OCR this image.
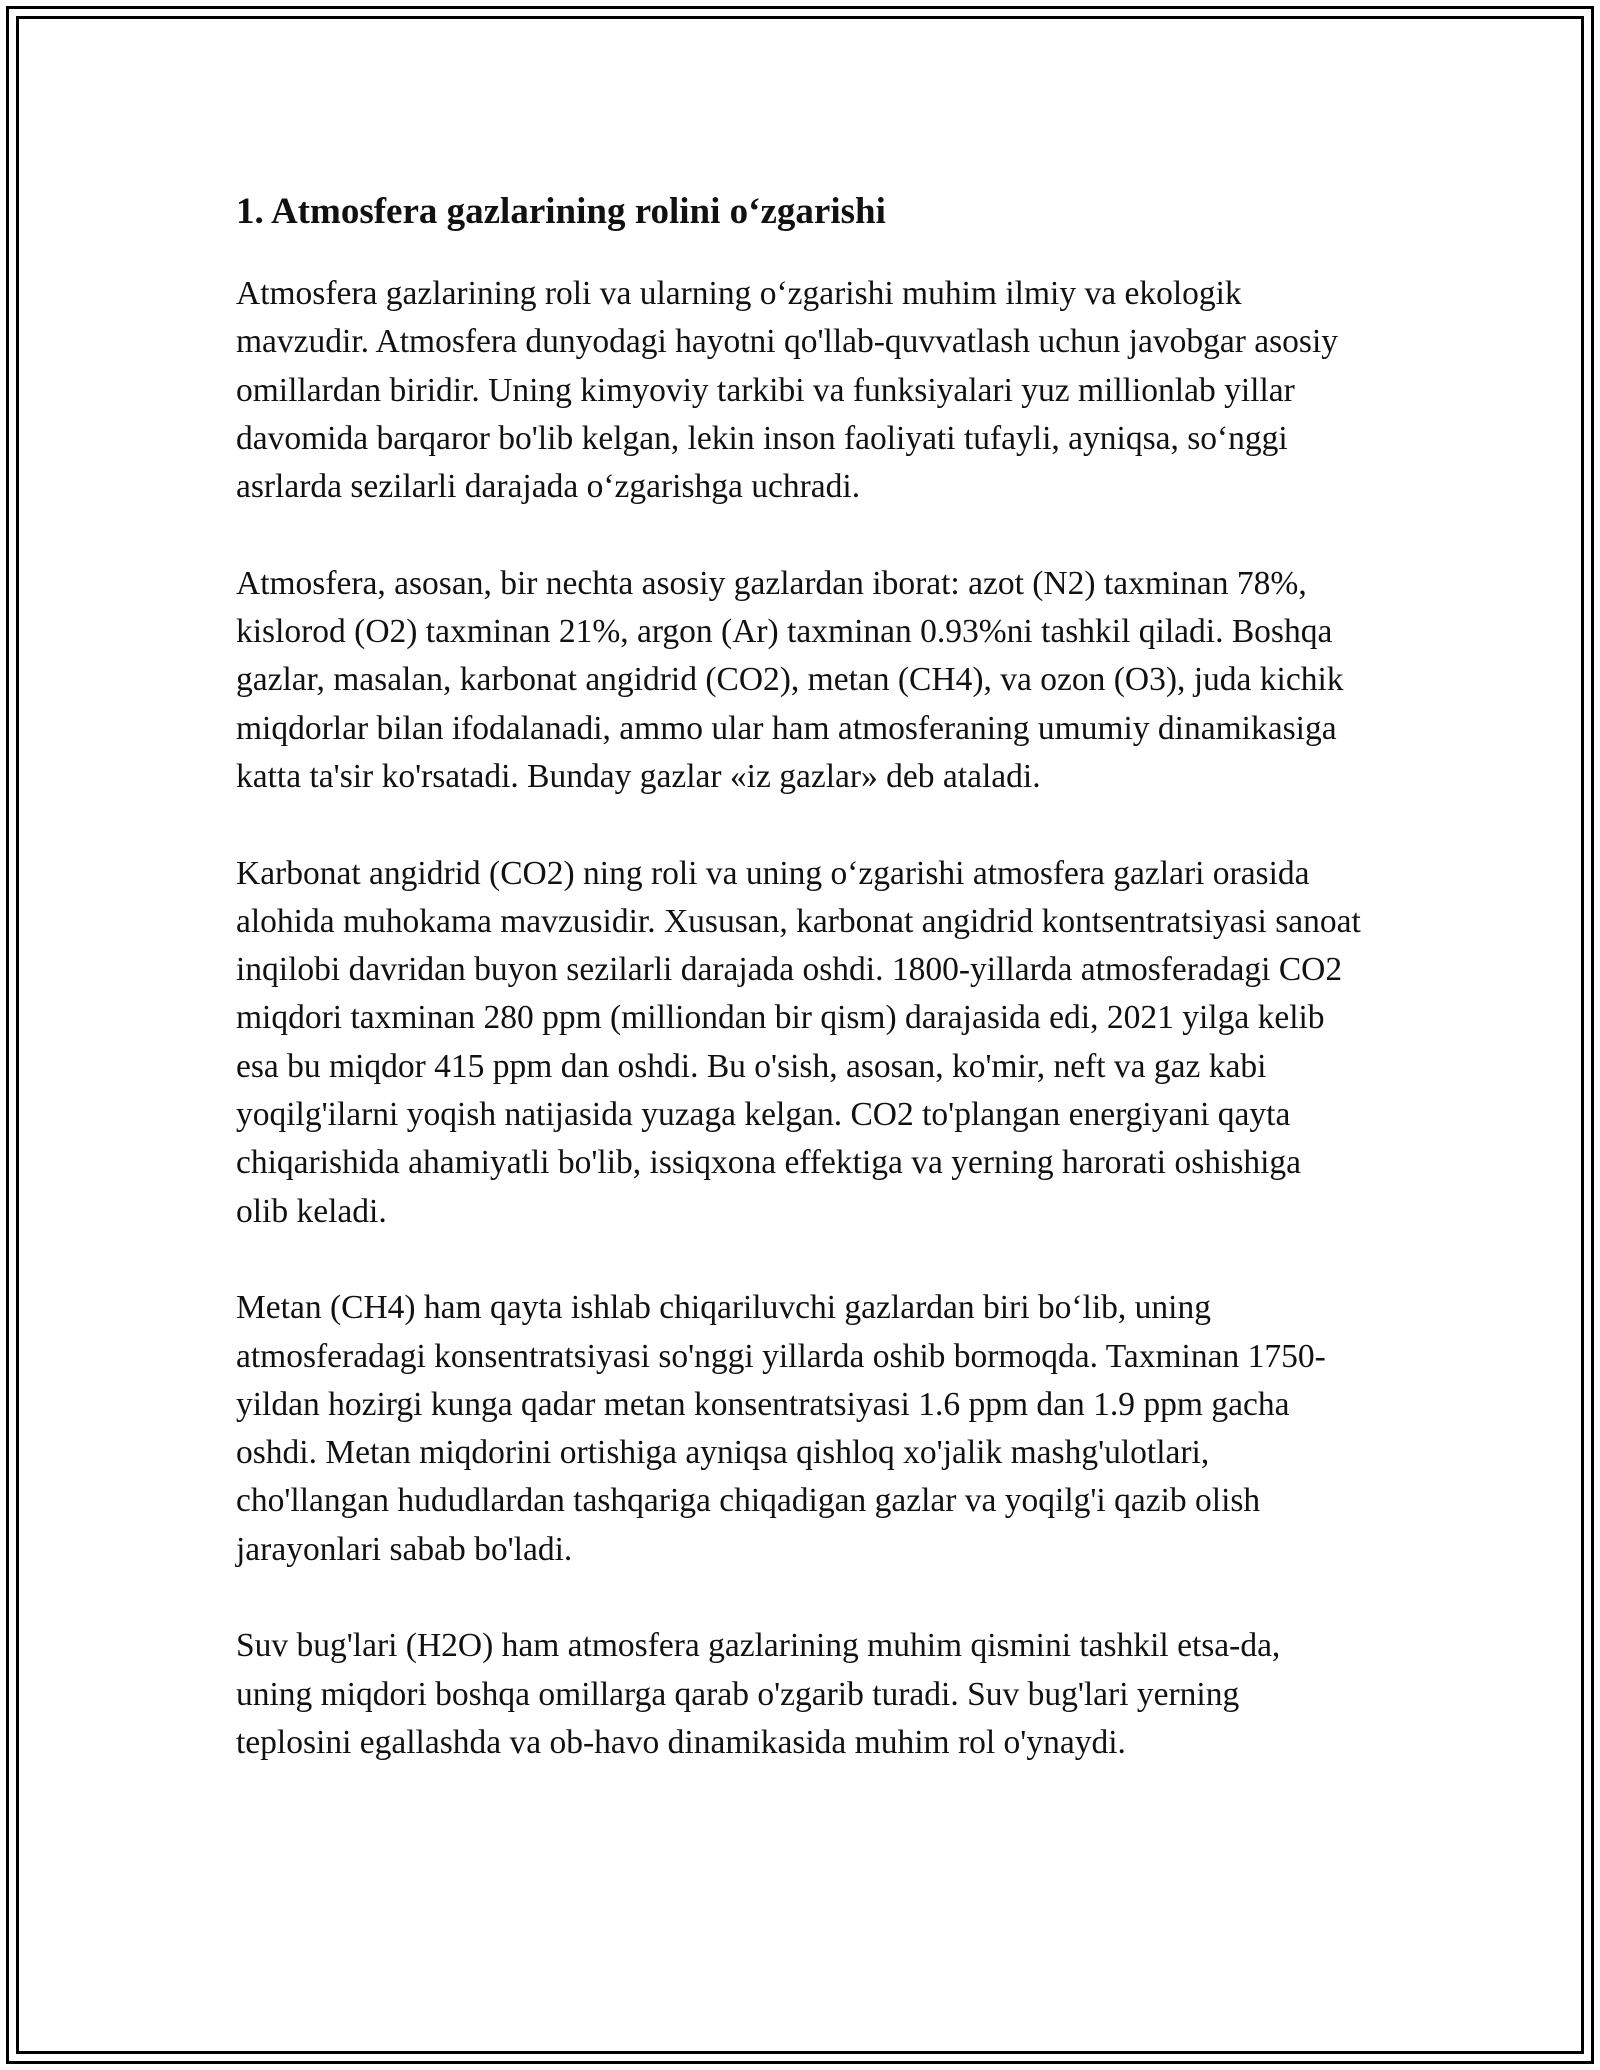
1. Atmosfera gazlarining rolini o‘zgarishi

Atmosfera gazlarining roli va ularning o‘zgarishi muhim ilmiy va ekologik mavzudir. Atmosfera dunyodagi hayotni qo'llab-quvvatlash uchun javobgar asosiy omillardan biridir. Uning kimyoviy tarkibi va funksiyalari yuz millionlab yillar davomida barqaror bo'lib kelgan, lekin inson faoliyati tufayli, ayniqsa, so‘nggi asrlarda sezilarli darajada o‘zgarishga uchradi.

Atmosfera, asosan, bir nechta asosiy gazlardan iborat: azot (N2) taxminan 78%, kislorod (O2) taxminan 21%, argon (Ar) taxminan 0.93%ni tashkil qiladi. Boshqa gazlar, masalan, karbonat angidrid (CO2), metan (CH4), va ozon (O3), juda kichik miqdorlar bilan ifodalanadi, ammo ular ham atmosferaning umumiy dinamikasiga katta ta'sir ko'rsatadi. Bunday gazlar «iz gazlar» deb ataladi.

Karbonat angidrid (CO2) ning roli va uning o‘zgarishi atmosfera gazlari orasida alohida muhokama mavzusidir. Xususan, karbonat angidrid kontsentratsiyasi sanoat inqilobi davridan buyon sezilarli darajada oshdi. 1800-yillarda atmosferadagi CO2 miqdori taxminan 280 ppm (milliondan bir qism) darajasida edi, 2021 yilga kelib esa bu miqdor 415 ppm dan oshdi. Bu o'sish, asosan, ko'mir, neft va gaz kabi yoqilg'ilarni yoqish natijasida yuzaga kelgan. CO2 to'plangan energiyani qayta chiqarishida ahamiyatli bo'lib, issiqxona effektiga va yerning harorati oshishiga olib keladi.

Metan (CH4) ham qayta ishlab chiqariluvchi gazlardan biri bo‘lib, uning atmosferadagi konsentratsiyasi so'nggi yillarda oshib bormoqda. Taxminan 1750-yildan hozirgi kunga qadar metan konsentratsiyasi 1.6 ppm dan 1.9 ppm gacha oshdi. Metan miqdorini ortishiga ayniqsa qishloq xo'jalik mashg'ulotlari, cho'llangan hududlardan tashqariga chiqadigan gazlar va yoqilg'i qazib olish jarayonlari sabab bo'ladi.

Suv bug'lari (H2O) ham atmosfera gazlarining muhim qismini tashkil etsa-da, uning miqdori boshqa omillarga qarab o'zgarib turadi. Suv bug'lari yerning teplosini egallashda va ob-havo dinamikasida muhim rol o'ynaydi.
